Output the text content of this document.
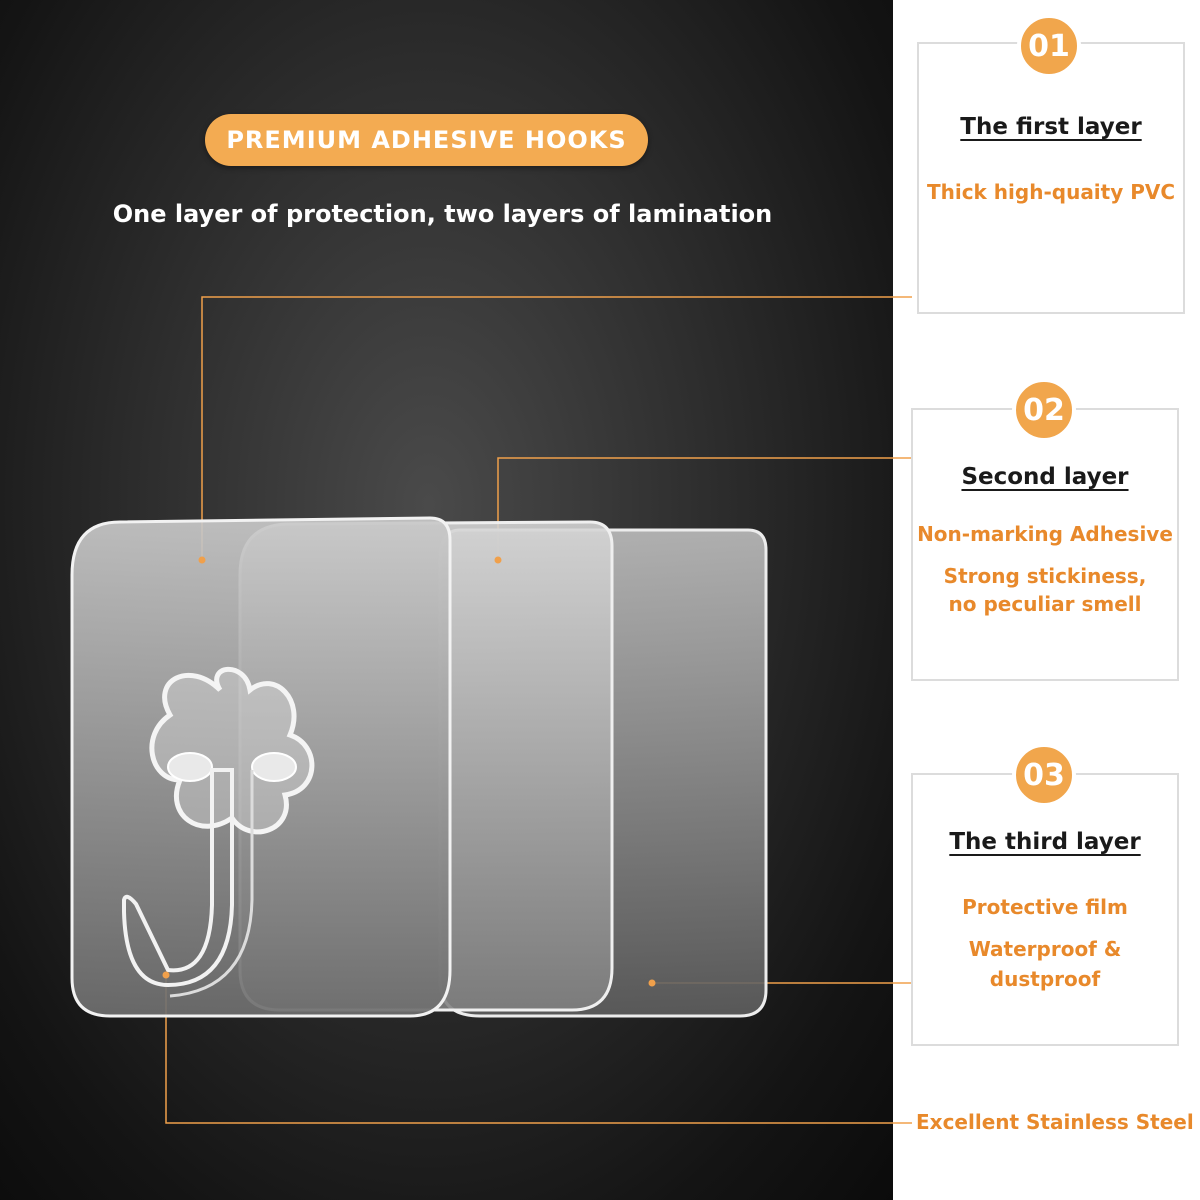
PREMIUM ADHESIVE HOOKS
One layer of protection, two layers of lamination
The first layer
Thick high-quaity PVC
01
Second layer
Non-marking Adhesive
Strong stickiness,
no peculiar smell
02
The third layer
Protective film
Waterproof &
dustproof
03
Excellent Stainless Steel
